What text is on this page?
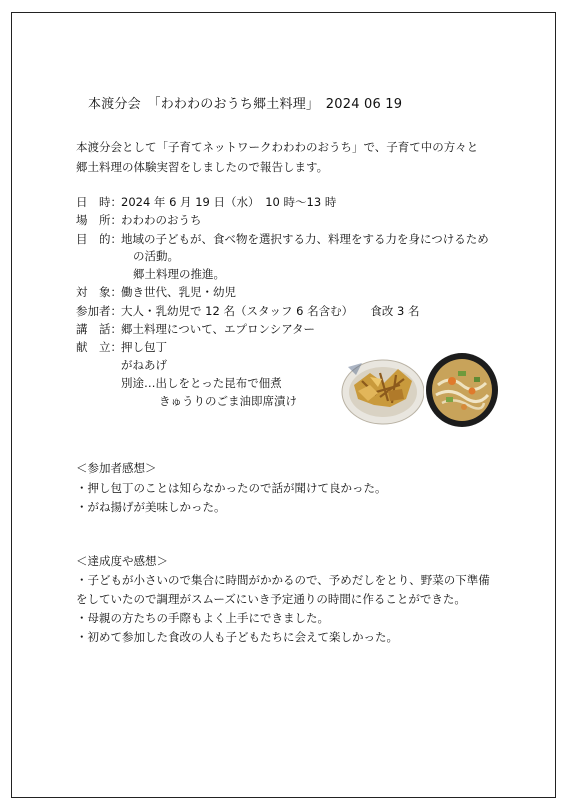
本渡分会　「わわわのおうち郷土料理」　2024 06 19
本渡分会として「子育てネットワークわわわのおうち」で、子育て中の方々と
郷土料理の体験実習をしましたので報告します。
日　時： 2024 年 6 月 19 日（水）　10 時～13 時
場　所： わわわのおうち
目　的： 地域の子どもが、食べ物を選択する力、料理をする力を身につけるため
の活動。
郷土料理の推進。
対　象： 働き世代、乳児・幼児
参加者： 大人・乳幼児で 12 名（スタッフ 6 名含む）　　食改 3 名
講　話： 郷土料理について、エプロンシアター
献　立： 押し包丁
がねあげ
別途…出しをとった昆布で佃煮
きゅうりのごま油即席漬け
＜参加者感想＞
・押し包丁のことは知らなかったので話が聞けて良かった。
・がね揚げが美味しかった。
＜達成度や感想＞
・子どもが小さいので集合に時間がかかるので、予めだしをとり、野菜の下準備
をしていたので調理がスムーズにいき予定通りの時間に作ることができた。
・母親の方たちの手際もよく上手にできました。
・初めて参加した食改の人も子どもたちに会えて楽しかった。
